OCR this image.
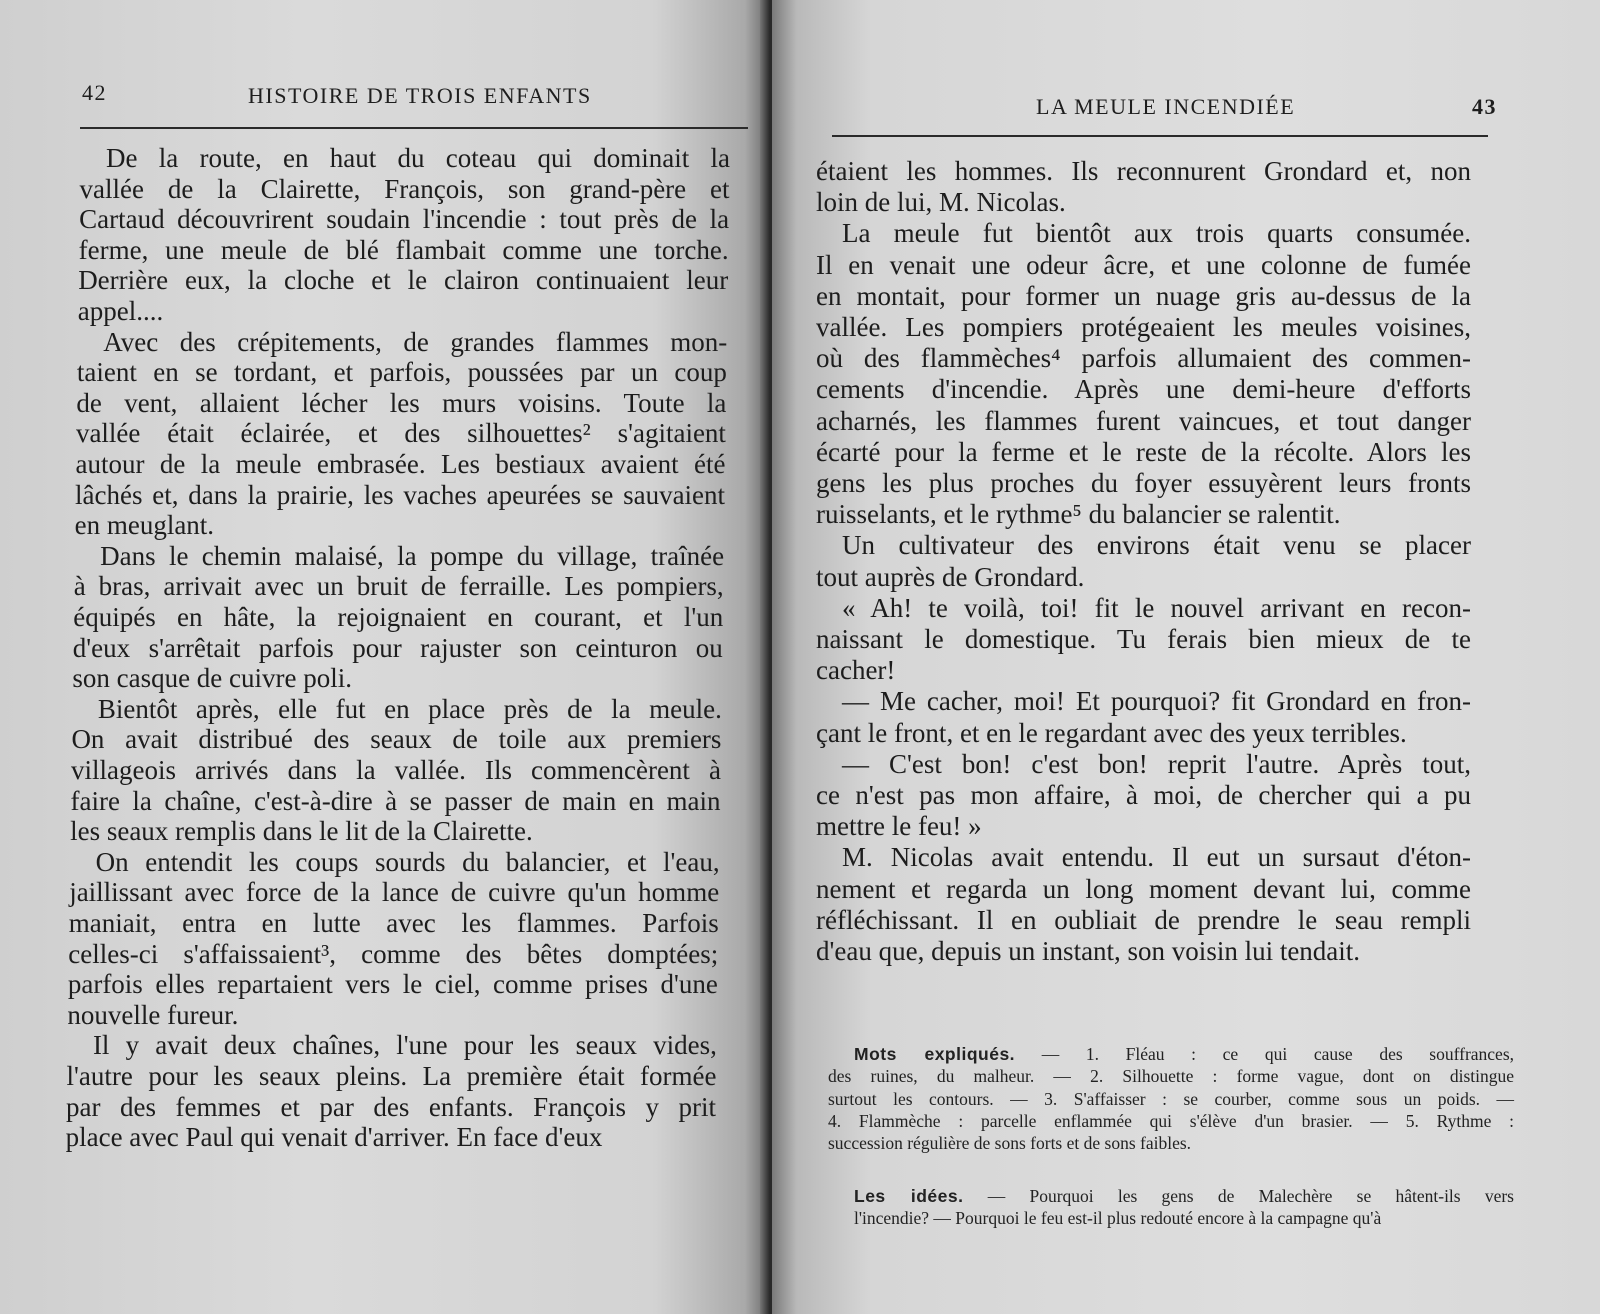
42	HISTOIRE DE TROIS ENFANTS
De la route, en haut du coteau qui dominait la
vallée de la Clairette, François, son grand-père et
Cartaud découvrirent soudain l'incendie : tout près de la
ferme, une meule de blé flambait comme une torche.
Derrière eux, la cloche et le clairon continuaient leur
appel....
Avec des crépitements, de grandes flammes mon-
taient en se tordant, et parfois, poussées par un coup
de vent, allaient lécher les murs voisins. Toute la
vallée était éclairée, et des silhouettes² s'agitaient
autour de la meule embrasée. Les bestiaux avaient été
lâchés et, dans la prairie, les vaches apeurées se sauvaient
en meuglant.
Dans le chemin malaisé, la pompe du village, traînée
à bras, arrivait avec un bruit de ferraille. Les pompiers,
équipés en hâte, la rejoignaient en courant, et l'un
d'eux s'arrêtait parfois pour rajuster son ceinturon ou
son casque de cuivre poli.
Bientôt après, elle fut en place près de la meule.
On avait distribué des seaux de toile aux premiers
villageois arrivés dans la vallée. Ils commencèrent à
faire la chaîne, c'est-à-dire à se passer de main en main
les seaux remplis dans le lit de la Clairette.
On entendit les coups sourds du balancier, et l'eau,
jaillissant avec force de la lance de cuivre qu'un homme
maniait, entra en lutte avec les flammes. Parfois
celles-ci s'affaissaient³, comme des bêtes domptées;
parfois elles repartaient vers le ciel, comme prises d'une
nouvelle fureur.
Il y avait deux chaînes, l'une pour les seaux vides,
l'autre pour les seaux pleins. La première était formée
par des femmes et par des enfants. François y prit
place avec Paul qui venait d'arriver. En face d'eux
LA MEULE INCENDIÉE	43
étaient les hommes. Ils reconnurent Grondard et, non
loin de lui, M. Nicolas.
La meule fut bientôt aux trois quarts consumée.
Il en venait une odeur âcre, et une colonne de fumée
en montait, pour former un nuage gris au-dessus de la
vallée. Les pompiers protégeaient les meules voisines,
où des flammèches⁴ parfois allumaient des commen-
cements d'incendie. Après une demi-heure d'efforts
acharnés, les flammes furent vaincues, et tout danger
écarté pour la ferme et le reste de la récolte. Alors les
gens les plus proches du foyer essuyèrent leurs fronts
ruisselants, et le rythme⁵ du balancier se ralentit.
Un cultivateur des environs était venu se placer
tout auprès de Grondard.
« Ah! te voilà, toi! fit le nouvel arrivant en recon-
naissant le domestique. Tu ferais bien mieux de te
cacher!
— Me cacher, moi! Et pourquoi? fit Grondard en fron-
çant le front, et en le regardant avec des yeux terribles.
— C'est bon! c'est bon! reprit l'autre. Après tout,
ce n'est pas mon affaire, à moi, de chercher qui a pu
mettre le feu! »
M. Nicolas avait entendu. Il eut un sursaut d'éton-
nement et regarda un long moment devant lui, comme
réfléchissant. Il en oubliait de prendre le seau rempli
d'eau que, depuis un instant, son voisin lui tendait.
Mots expliqués. — 1. Fléau : ce qui cause des souffrances,
des ruines, du malheur. — 2. Silhouette : forme vague, dont on distingue
surtout les contours. — 3. S'affaisser : se courber, comme sous un poids. —
4. Flammèche : parcelle enflammée qui s'élève d'un brasier. — 5. Rythme :
succession régulière de sons forts et de sons faibles.
Les idées. — Pourquoi les gens de Malechère se hâtent-ils vers
l'incendie? — Pourquoi le feu est-il plus redouté encore à la campagne qu'à
